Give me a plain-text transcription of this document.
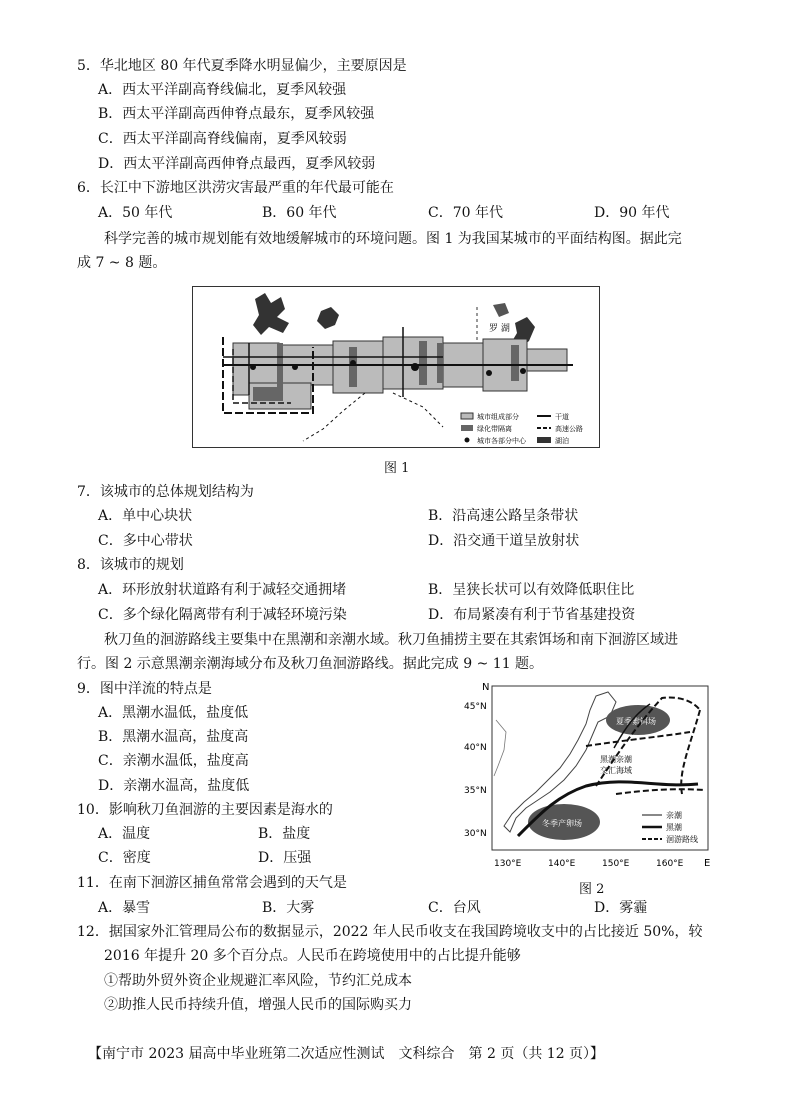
5．华北地区 80 年代夏季降水明显偏少，主要原因是
A．西太平洋副高脊线偏北，夏季风较强
B．西太平洋副高西伸脊点最东，夏季风较强
C．西太平洋副高脊线偏南，夏季风较弱
D．西太平洋副高西伸脊点最西，夏季风较弱
6．长江中下游地区洪涝灾害最严重的年代最可能在
A．50 年代	B．60 年代	C．70 年代	D．90 年代
科学完善的城市规划能有效地缓解城市的环境问题。图 1 为我国某城市的平面结构图。据此完
成 7 ~ 8 题。
罗 湖
城市组成部分
绿化带隔离
城市各部分中心
干道
高速公路
湖泊
图 1
7．该城市的总体规划结构为
A．单中心块状	B．沿高速公路呈条带状
C．多中心带状	D．沿交通干道呈放射状
8．该城市的规划
A．环形放射状道路有利于减轻交通拥堵	B．呈狭长状可以有效降低职住比
C．多个绿化隔离带有利于减轻环境污染	D．布局紧凑有利于节省基建投资
秋刀鱼的洄游路线主要集中在黑潮和亲潮水域。秋刀鱼捕捞主要在其索饵场和南下洄游区域进
行。图 2 示意黑潮亲潮海域分布及秋刀鱼洄游路线。据此完成 9 ~ 11 题。
9．图中洋流的特点是
A．黑潮水温低，盐度低
B．黑潮水温高，盐度高
C．亲潮水温低，盐度高
D．亲潮水温高，盐度低
10．影响秋刀鱼洄游的主要因素是海水的
A．温度	B．盐度
C．密度	D．压强
N
E
45°N
40°N
35°N
30°N
130°E	140°E	150°E	160°E
夏季索饵场
冬季产卵场
黑潮亲潮
交汇海域
亲潮
黑潮
洄游路线
图 2
11．在南下洄游区捕鱼常常会遇到的天气是
A．暴雪	B．大雾	C．台风	D．雾霾
12．据国家外汇管理局公布的数据显示，2022 年人民币收支在我国跨境收支中的占比接近 50%，较
2016 年提升 20 多个百分点。人民币在跨境使用中的占比提升能够
①帮助外贸外资企业规避汇率风险，节约汇兑成本
②助推人民币持续升值，增强人民币的国际购买力
【南宁市 2023 届高中毕业班第二次适应性测试　文科综合　第 2 页（共 12 页）】
